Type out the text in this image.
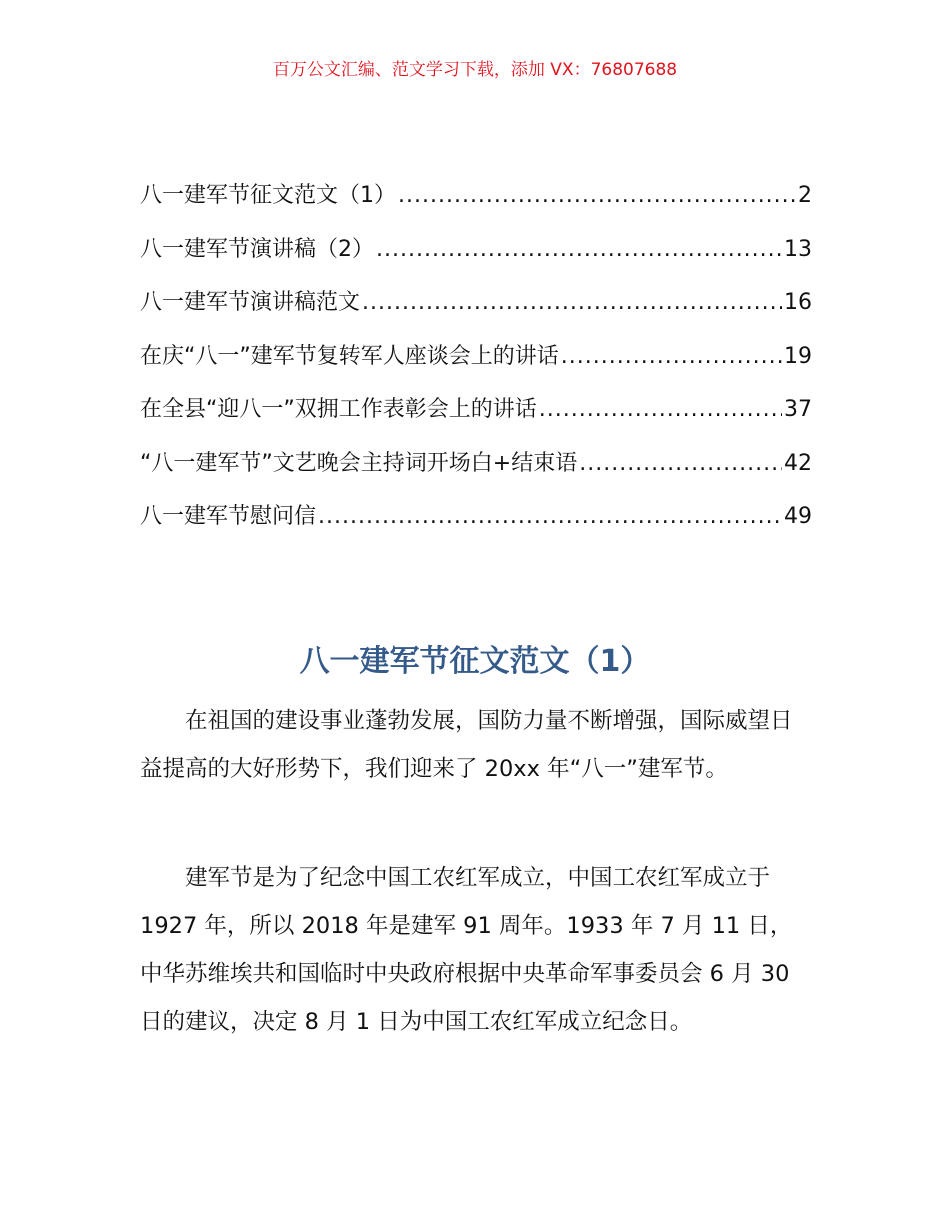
百万公文汇编、范文学习下载，添加 VX：76807688
八一建军节征文范文（1） .....	2
八一建军节演讲稿（2） .....	13
八一建军节演讲稿范文 .....	16
在庆“八一”建军节复转军人座谈会上的讲话 .....	19
在全县“迎八一”双拥工作表彰会上的讲话 .....	37
“八一建军节”文艺晚会主持词开场白+结束语 .....	42
八一建军节慰问信 .....	49
八一建军节征文范文（1）

在祖国的建设事业蓬勃发展，国防力量不断增强，国际威望日益提高的大好形势下，我们迎来了 20xx 年“八一”建军节。

建军节是为了纪念中国工农红军成立，中国工农红军成立于 1927 年，所以 2018 年是建军 91 周年。1933 年 7 月 11 日，中华苏维埃共和国临时中央政府根据中央革命军事委员会 6 月 30 日的建议，决定 8 月 1 日为中国工农红军成立纪念日。
